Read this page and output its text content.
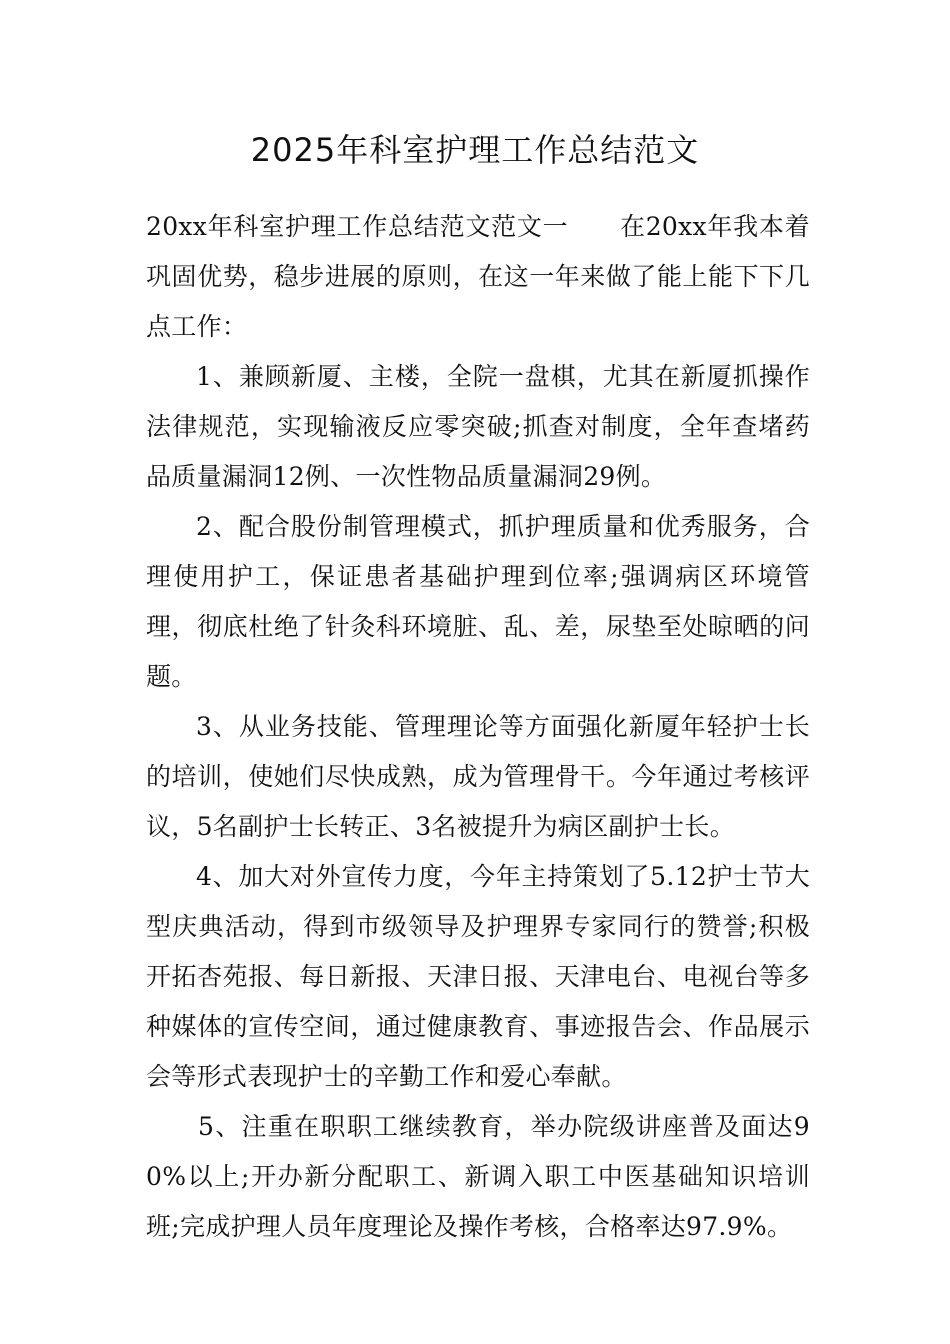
2025年科室护理工作总结范文

20xx年科室护理工作总结范文范文一　　在20xx年我本着巩固优势，稳步进展的原则，在这一年来做了能上能下下几点工作：

1、兼顾新厦、主楼，全院一盘棋，尤其在新厦抓操作法律规范，实现输液反应零突破;抓查对制度，全年查堵药品质量漏洞12例、一次性物品质量漏洞29例。

2、配合股份制管理模式，抓护理质量和优秀服务，合理使用护工，保证患者基础护理到位率;强调病区环境管理，彻底杜绝了针灸科环境脏、乱、差，尿垫至处晾晒的问题。

3、从业务技能、管理理论等方面强化新厦年轻护士长的培训，使她们尽快成熟，成为管理骨干。今年通过考核评议，5名副护士长转正、3名被提升为病区副护士长。

4、加大对外宣传力度，今年主持策划了5.12护士节大型庆典活动，得到市级领导及护理界专家同行的赞誉;积极开拓杏苑报、每日新报、天津日报、天津电台、电视台等多种媒体的宣传空间，通过健康教育、事迹报告会、作品展示会等形式表现护士的辛勤工作和爱心奉献。

5、注重在职职工继续教育，举办院级讲座普及面达90%以上;开办新分配职工、新调入职工中医基础知识培训班;完成护理人员年度理论及操作考核，合格率达97.9%。
